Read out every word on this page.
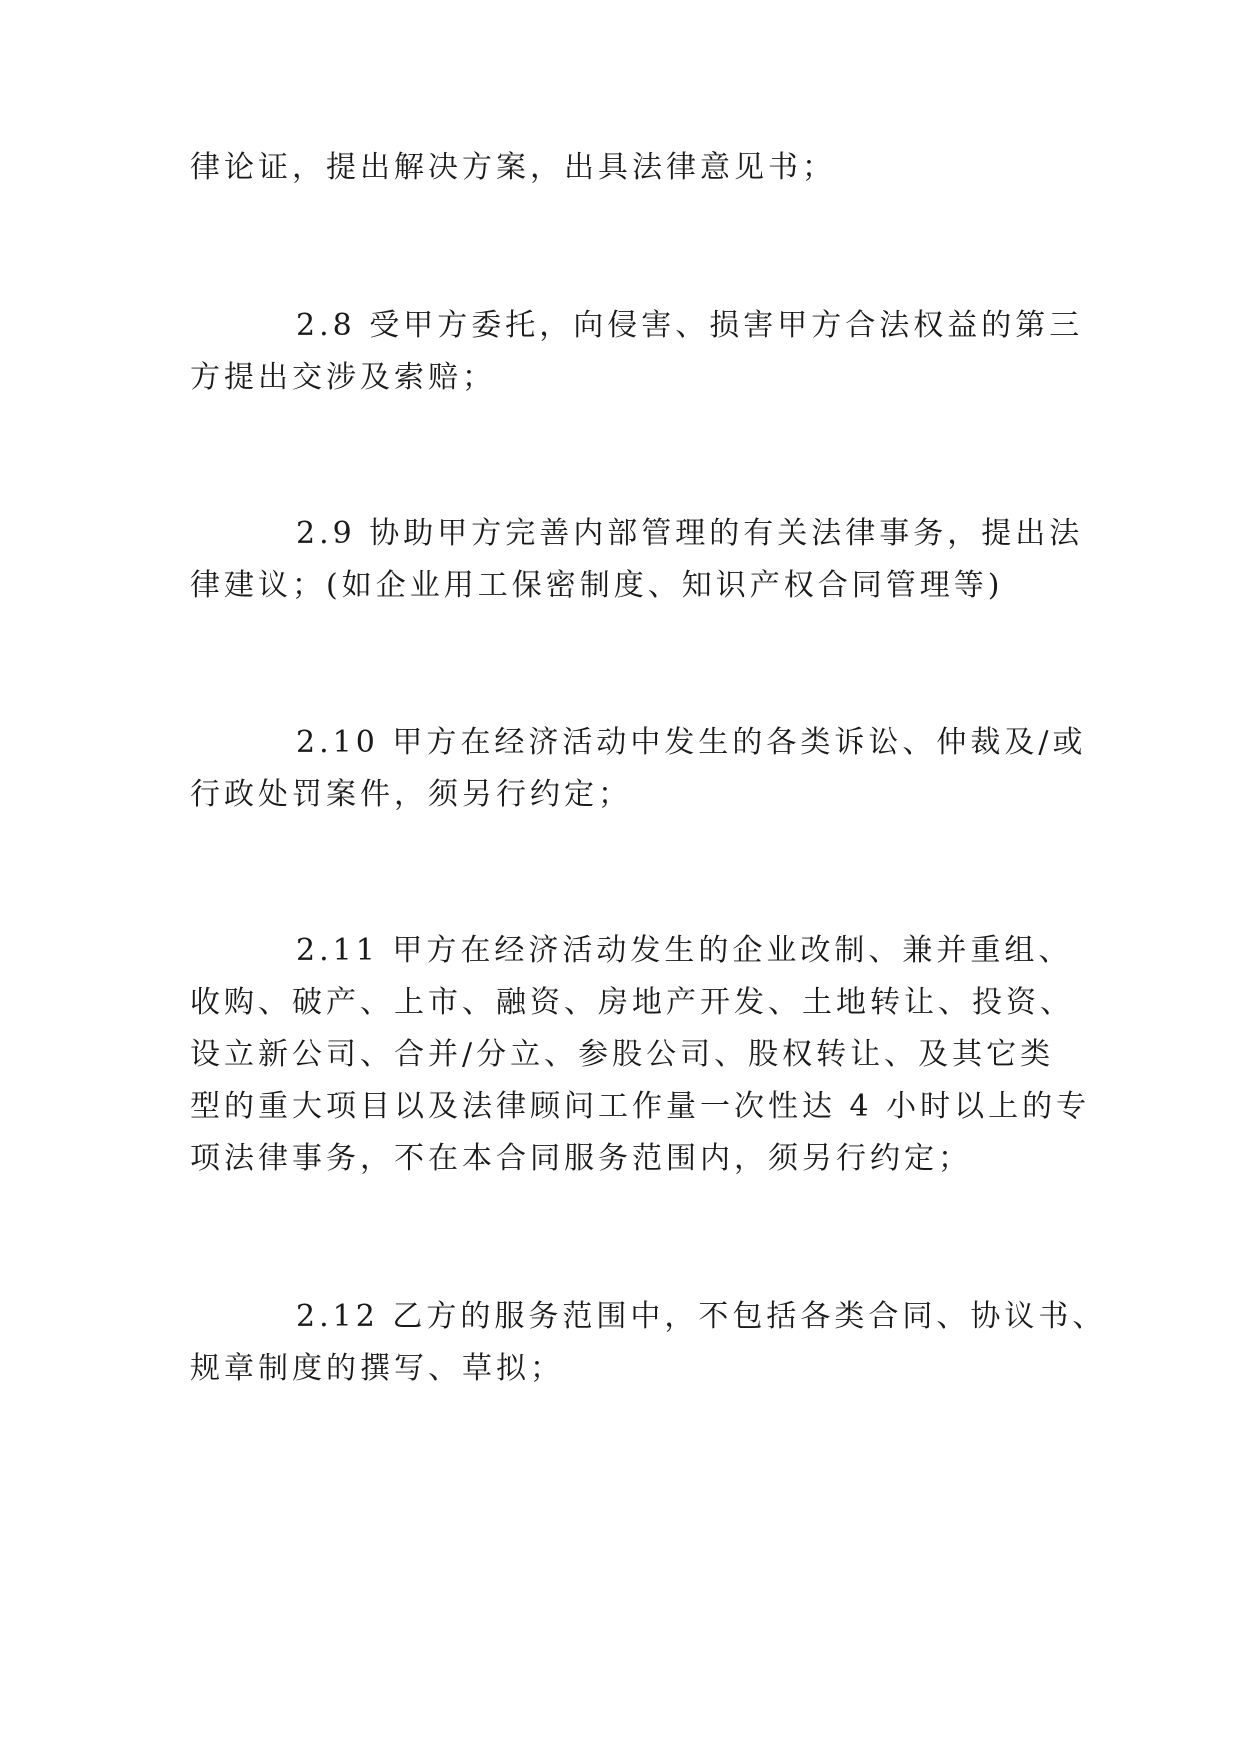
律论证，提出解决方案，出具法律意见书；

2.8 受甲方委托，向侵害、损害甲方合法权益的第三
方提出交涉及索赔；

2.9 协助甲方完善内部管理的有关法律事务，提出法
律建议；(如企业用工保密制度、知识产权合同管理等)

2.10 甲方在经济活动中发生的各类诉讼、仲裁及/或
行政处罚案件，须另行约定；

2.11 甲方在经济活动发生的企业改制、兼并重组、
收购、破产、上市、融资、房地产开发、土地转让、投资、
设立新公司、合并/分立、参股公司、股权转让、及其它类
型的重大项目以及法律顾问工作量一次性达 4 小时以上的专
项法律事务，不在本合同服务范围内，须另行约定；

2.12 乙方的服务范围中，不包括各类合同、协议书、
规章制度的撰写、草拟；
